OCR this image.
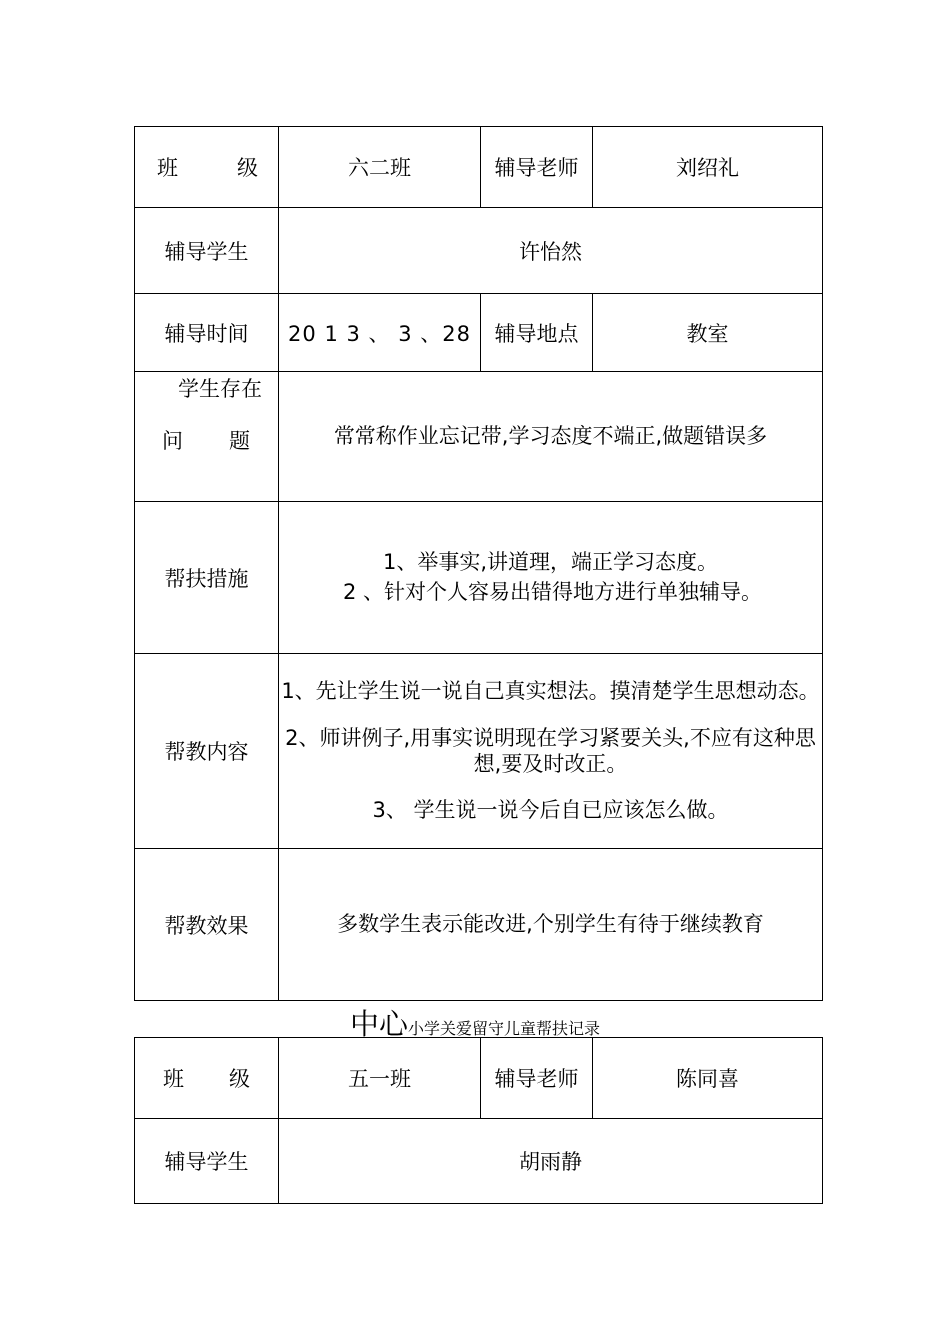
班 级	六二班	辅导老师	刘绍礼
辅导学生	许怡然		
辅导时间	20 1 3 、 3 、28	辅导地点	教室

学生存在
问 题	常常称作业忘记带,学习态度不端正,做题错误多		
帮扶措施	1、举事实,讲道理，端正学习态度。
2 、针对个人容易出错得地方进行单独辅导。		

帮教内容	1、先让学生说一说自己真实想法。摸清楚学生思想动态。
2、师讲例子,用事实说明现在学习紧要关头,不应有这种思想,要及时改正。
3、 学生说一说今后自已应该怎么做。		

帮教效果	多数学生表示能改进,个别学生有待于继续教育		
中心小学关爱留守儿童帮扶记录
班 级	五一班	辅导老师	陈同喜
辅导学生	胡雨静		
